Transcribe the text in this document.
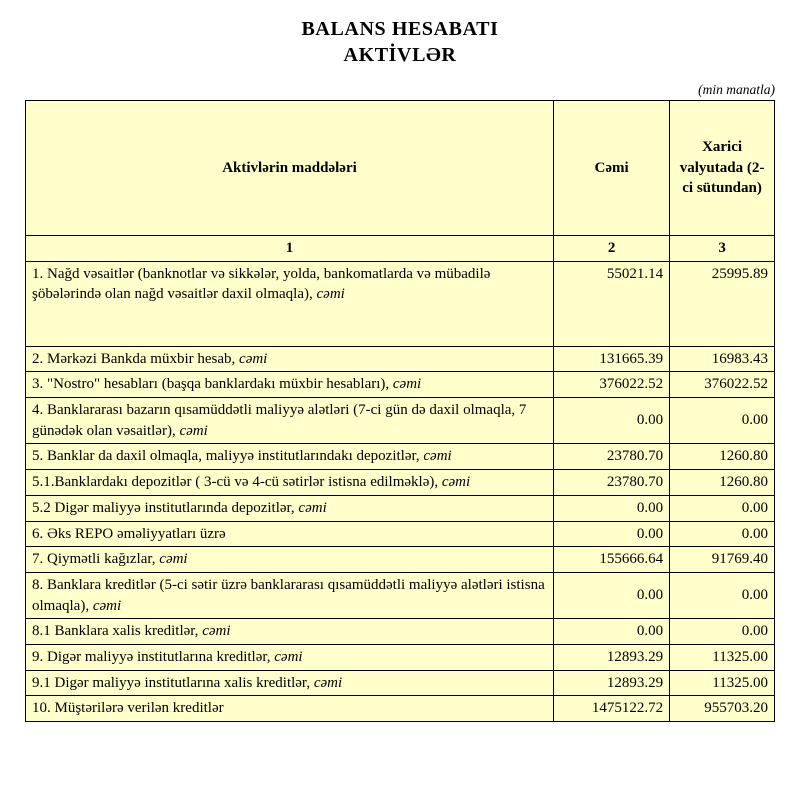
BALANS HESABATI
AKTİVLƏR
(min manatla)
Aktivlərin maddələri	Cəmi	Xarici valyutada (2-ci sütundan)
1	2	3
1. Nağd vəsaitlər (banknotlar və sikkələr, yolda, bankomatlarda və mübadilə şöbələrində olan nağd vəsaitlər daxil olmaqla), cəmi	55021.14	25995.89
2. Mərkəzi Bankda müxbir hesab, cəmi	131665.39	16983.43
3. "Nostro" hesabları (başqa banklardakı müxbir hesabları), cəmi	376022.52	376022.52
4. Banklararası bazarın qısamüddətli maliyyə alətləri (7-ci gün də daxil olmaqla, 7 günədək olan vəsaitlər), cəmi	0.00	0.00
5. Banklar da daxil olmaqla, maliyyə institutlarındakı depozitlər, cəmi	23780.70	1260.80
5.1.Banklardakı depozitlər ( 3-cü və 4-cü sətirlər istisna edilməklə), cəmi	23780.70	1260.80
5.2 Digər maliyyə institutlarında depozitlər, cəmi	0.00	0.00
6. Əks REPO əməliyyatları üzrə	0.00	0.00
7. Qiymətli kağızlar, cəmi	155666.64	91769.40
8. Banklara kreditlər (5-ci sətir üzrə banklararası qısamüddətli maliyyə alətləri istisna olmaqla), cəmi	0.00	0.00
8.1 Banklara xalis kreditlər, cəmi	0.00	0.00
9. Digər maliyyə institutlarına kreditlər, cəmi	12893.29	11325.00
9.1 Digər maliyyə institutlarına xalis kreditlər, cəmi	12893.29	11325.00
10. Müştərilərə verilən kreditlər	1475122.72	955703.20
